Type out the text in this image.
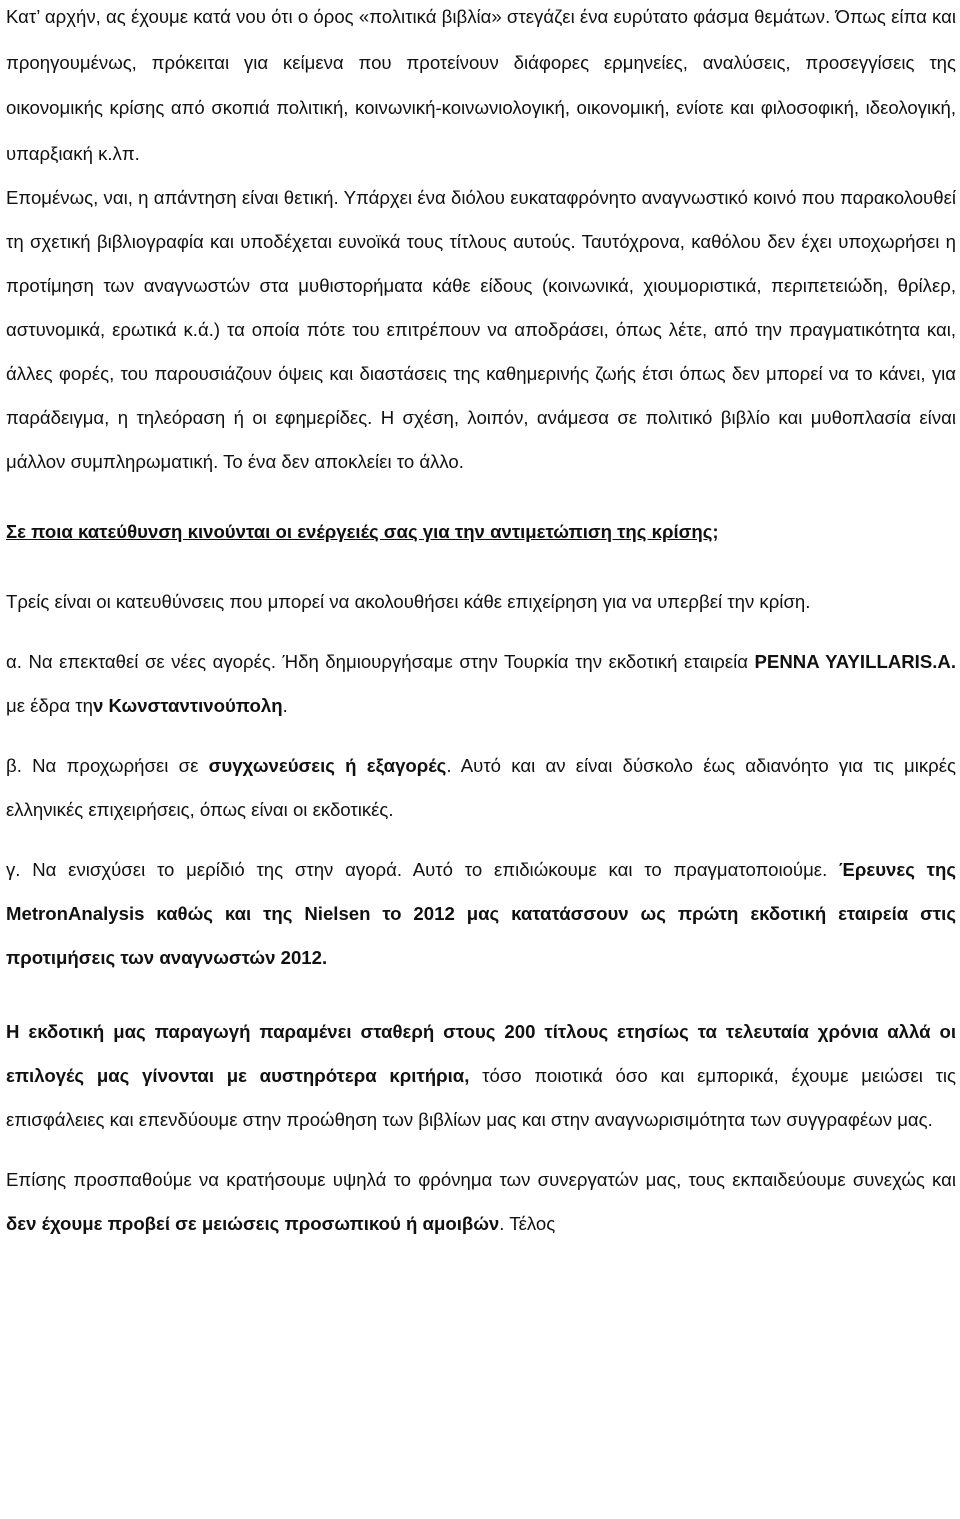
Κατ’ αρχήν, ας έχουμε κατά νου ότι ο όρος «πολιτικά βιβλία» στεγάζει ένα ευρύτατο φάσμα θεμάτων. Όπως είπα και προηγουμένως, πρόκειται για κείμενα που προτείνουν διάφορες ερμηνείες, αναλύσεις, προσεγγίσεις της οικονομικής κρίσης από σκοπιά πολιτική, κοινωνική-κοινωνιολογική, οικονομική, ενίοτε και φιλοσοφική, ιδεολογική, υπαρξιακή κ.λπ.

Επομένως, ναι, η απάντηση είναι θετική. Υπάρχει ένα διόλου ευκαταφρόνητο αναγνωστικό κοινό που παρακολουθεί τη σχετική βιβλιογραφία και υποδέχεται ευνοϊκά τους τίτλους αυτούς. Ταυτόχρονα, καθόλου δεν έχει υποχωρήσει η προτίμηση των αναγνωστών στα μυθιστορήματα κάθε είδους (κοινωνικά, χιουμοριστικά, περιπετειώδη, θρίλερ, αστυνομικά, ερωτικά κ.ά.) τα οποία πότε του επιτρέπουν να αποδράσει, όπως λέτε, από την πραγματικότητα και, άλλες φορές, του παρουσιάζουν όψεις και διαστάσεις της καθημερινής ζωής έτσι όπως δεν μπορεί να το κάνει, για παράδειγμα, η τηλεόραση ή οι εφημερίδες. Η σχέση, λοιπόν, ανάμεσα σε πολιτικό βιβλίο και μυθοπλασία είναι μάλλον συμπληρωματική. Το ένα δεν αποκλείει το άλλο.

Σε ποια κατεύθυνση κινούνται οι ενέργειές σας για την αντιμετώπιση της κρίσης;

Τρείς είναι οι κατευθύνσεις που μπορεί να ακολουθήσει κάθε επιχείρηση για να υπερβεί την κρίση.

α. Να επεκταθεί σε νέες αγορές. Ήδη δημιουργήσαμε στην Τουρκία την εκδοτική εταιρεία PENNA YAYILLARIS.A. με έδρα την Κωνσταντινούπολη.

β. Να προχωρήσει σε συγχωνεύσεις ή εξαγορές. Αυτό και αν είναι δύσκολο έως αδιανόητο για τις μικρές ελληνικές επιχειρήσεις, όπως είναι οι εκδοτικές.

γ. Να ενισχύσει το μερίδιό της στην αγορά. Αυτό το επιδιώκουμε και το πραγματοποιούμε. Έρευνες της MetronAnalysis καθώς και της Nielsen το 2012 μας κατατάσσουν ως πρώτη εκδοτική εταιρεία στις προτιμήσεις των αναγνωστών 2012.

Η εκδοτική μας παραγωγή παραμένει σταθερή στους 200 τίτλους ετησίως τα τελευταία χρόνια αλλά οι επιλογές μας γίνονται με αυστηρότερα κριτήρια, τόσο ποιοτικά όσο και εμπορικά, έχουμε μειώσει τις επισφάλειες και επενδύουμε στην προώθηση των βιβλίων μας και στην αναγνωρισιμότητα των συγγραφέων μας.

Επίσης προσπαθούμε να κρατήσουμε υψηλά το φρόνημα των συνεργατών μας, τους εκπαιδεύουμε συνεχώς και δεν έχουμε προβεί σε μειώσεις προσωπικού ή αμοιβών. Τέλος
